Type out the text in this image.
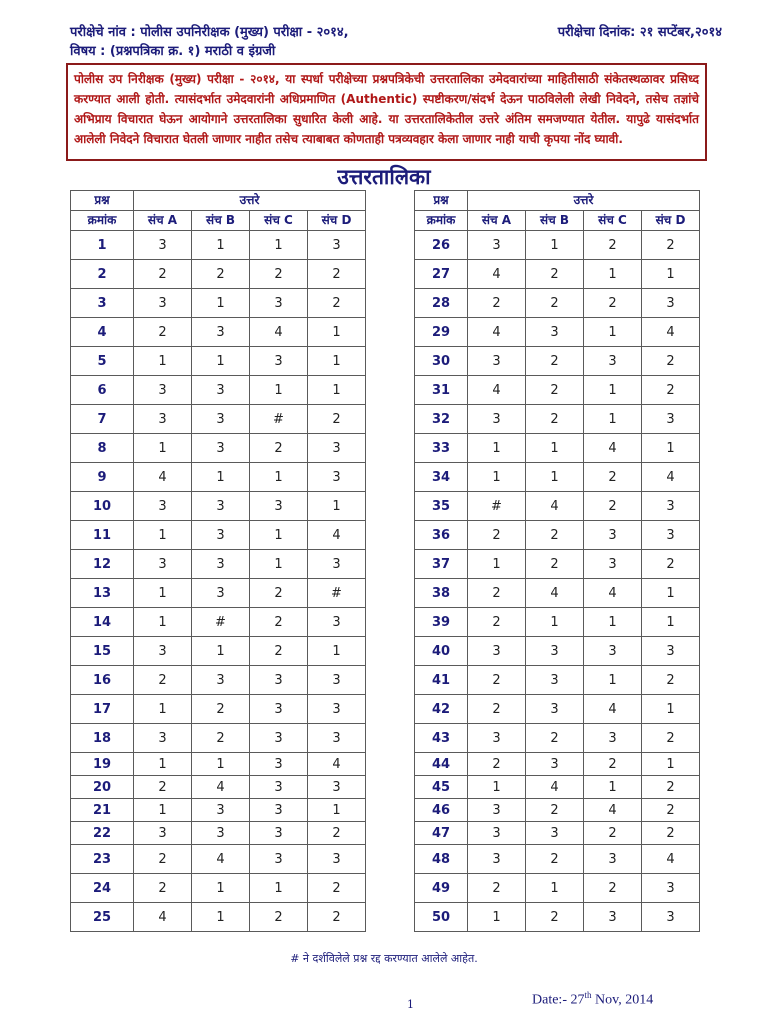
परीक्षेचे नांव : पोलीस उपनिरीक्षक (मुख्य) परीक्षा - २०१४,	परीक्षेचा दिनांक: २१ सप्टेंबर,२०१४
विषय : (प्रश्नपत्रिका क्र. १) मराठी व इंग्रजी
पोलीस उप निरीक्षक (मुख्य) परीक्षा - २०१४, या स्पर्धा परीक्षेच्या प्रश्नपत्रिकेची उत्तरतालिका उमेदवारांच्या माहितीसाठी संकेतस्थळावर प्रसिध्द करण्यात आली होती. त्यासंदर्भात उमेदवारांनी अधिप्रमाणित (Authentic) स्पष्टीकरण/संदर्भ देऊन पाठविलेली लेखी निवेदने, तसेच तज्ञांचे अभिप्राय विचारात घेऊन आयोगाने उत्तरतालिका सुधारित केली आहे. या उत्तरतालिकेतील उत्तरे अंतिम समजण्यात येतील. यापुढे यासंदर्भात आलेली निवेदने विचारात घेतली जाणार नाहीत तसेच त्याबाबत कोणताही पत्रव्यवहार केला जाणार नाही याची कृपया नोंद घ्यावी.
उत्तरतालिका
प्रश्न	उत्तरे			
क्रमांक	संच A	संच B	संच C	संच D
1	3	1	1	3
2	2	2	2	2
3	3	1	3	2
4	2	3	4	1
5	1	1	3	1
6	3	3	1	1
7	3	3	#	2
8	1	3	2	3
9	4	1	1	3
10	3	3	3	1
11	1	3	1	4
12	3	3	1	3
13	1	3	2	#
14	1	#	2	3
15	3	1	2	1
16	2	3	3	3
17	1	2	3	3
18	3	2	3	3
19	1	1	3	4
20	2	4	3	3
21	1	3	3	1
22	3	3	3	2
23	2	4	3	3
24	2	1	1	2
25	4	1	2	2
प्रश्न	उत्तरे			
क्रमांक	संच A	संच B	संच C	संच D
26	3	1	2	2
27	4	2	1	1
28	2	2	2	3
29	4	3	1	4
30	3	2	3	2
31	4	2	1	2
32	3	2	1	3
33	1	1	4	1
34	1	1	2	4
35	#	4	2	3
36	2	2	3	3
37	1	2	3	2
38	2	4	4	1
39	2	1	1	1
40	3	3	3	3
41	2	3	1	2
42	2	3	4	1
43	3	2	3	2
44	2	3	2	1
45	1	4	1	2
46	3	2	4	2
47	3	3	2	2
48	3	2	3	4
49	2	1	2	3
50	1	2	3	3
# ने दर्शविलेले प्रश्न रद्द करण्यात आलेले आहेत.
1	Date:- 27th Nov, 2014
